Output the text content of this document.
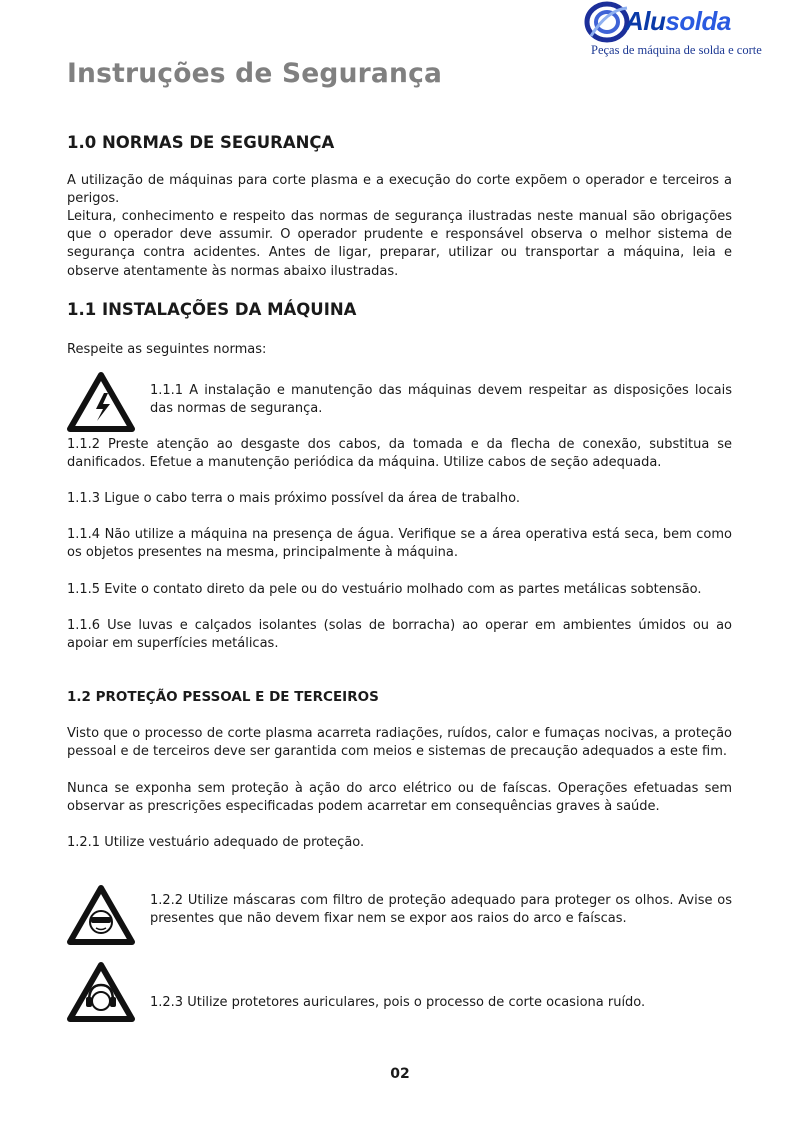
Alusolda
Peças de máquina de solda e corte
Instruções de Segurança
1.0 NORMAS DE SEGURANÇA

A utilização de máquinas para corte plasma e a execução do corte expõem o operador e terceiros a perigos.

Leitura, conhecimento e respeito das normas de segurança ilustradas neste manual são obrigações que o operador deve assumir. O operador prudente e responsável observa o melhor sistema de segurança contra acidentes. Antes de ligar, preparar, utilizar ou transportar a máquina, leia e observe atentamente às normas abaixo ilustradas.

1.1 INSTALAÇÕES DA MÁQUINA

Respeite as seguintes normas:

1.1.1 A instalação e manutenção das máquinas devem respeitar as disposições locais das normas de segurança.

1.1.2 Preste atenção ao desgaste dos cabos, da tomada e da flecha de conexão, substitua se danificados. Efetue a manutenção periódica da máquina. Utilize cabos de seção adequada.

1.1.3 Ligue o cabo terra o mais próximo possível da área de trabalho.

1.1.4 Não utilize a máquina na presença de água. Verifique se a área operativa está seca, bem como os objetos presentes na mesma, principalmente à máquina.

1.1.5 Evite o contato direto da pele ou do vestuário molhado com as partes metálicas sobtensão.

1.1.6 Use luvas e calçados isolantes (solas de borracha) ao operar em ambientes úmidos ou ao apoiar em superfícies metálicas.

1.2 PROTEÇÃO PESSOAL E DE TERCEIROS

Visto que o processo de corte plasma acarreta radiações, ruídos, calor e fumaças nocivas, a proteção pessoal e de terceiros deve ser garantida com meios e sistemas de precaução adequados a este fim.

Nunca se exponha sem proteção à ação do arco elétrico ou de faíscas. Operações efetuadas sem observar as prescrições especificadas podem acarretar em consequências graves à saúde.

1.2.1 Utilize vestuário adequado de proteção.

1.2.2 Utilize máscaras com filtro de proteção adequado para proteger os olhos. Avise os presentes que não devem fixar nem se expor aos raios do arco e faíscas.

1.2.3 Utilize protetores auriculares, pois o processo de corte ocasiona ruído.

02
